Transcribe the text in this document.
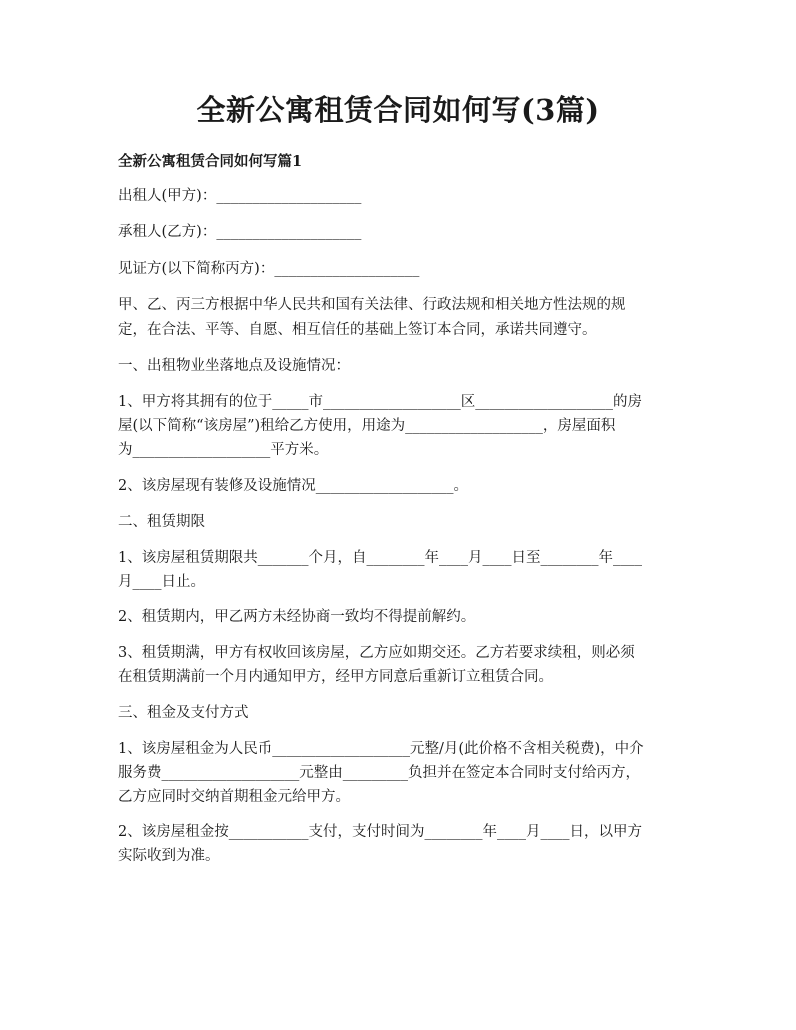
全新公寓租赁合同如何写(3篇)

全新公寓租赁合同如何写篇1

出租人(甲方)：____________________

承租人(乙方)：____________________

见证方(以下简称丙方)：____________________

甲、乙、丙三方根据中华人民共和国有关法律、行政法规和相关地方性法规的规

定，在合法、平等、自愿、相互信任的基础上签订本合同，承诺共同遵守。

一、出租物业坐落地点及设施情况：

1、甲方将其拥有的位于_____市___________________区___________________的房

屋(以下简称“该房屋”)租给乙方使用，用途为___________________，房屋面积

为___________________平方米。

2、该房屋现有装修及设施情况___________________。

二、租赁期限

1、该房屋租赁期限共_______个月，自________年____月____日至________年____

月____日止。

2、租赁期内，甲乙两方未经协商一致均不得提前解约。

3、租赁期满，甲方有权收回该房屋，乙方应如期交还。乙方若要求续租，则必须

在租赁期满前一个月内通知甲方，经甲方同意后重新订立租赁合同。

三、租金及支付方式

1、该房屋租金为人民币___________________元整/月(此价格不含相关税费)，中介

服务费___________________元整由_________负担并在签定本合同时支付给丙方，

乙方应同时交纳首期租金元给甲方。

2、该房屋租金按___________支付，支付时间为________年____月____日，以甲方

实际收到为准。
